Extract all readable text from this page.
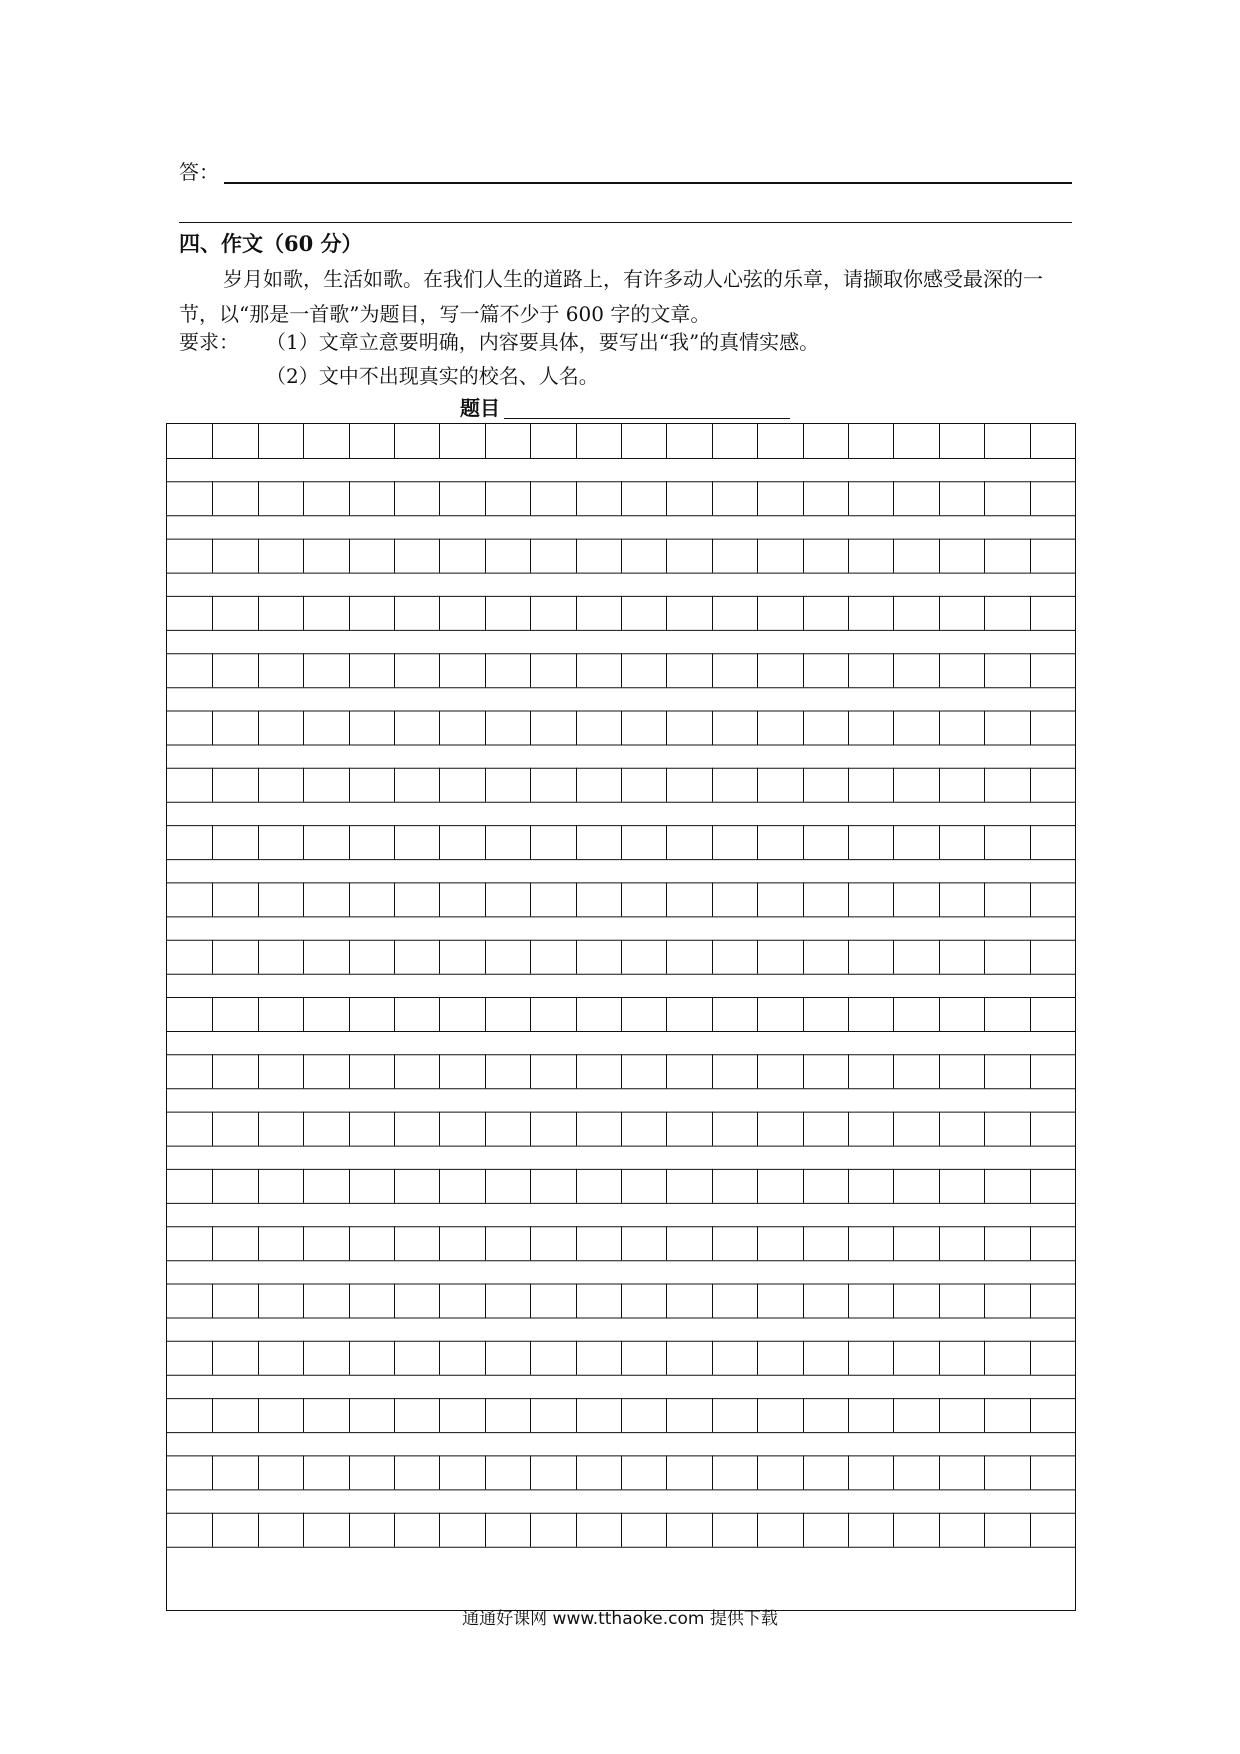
答：
四、作文（60 分）

岁月如歌，生活如歌。在我们人生的道路上，有许多动人心弦的乐章，请撷取你感受最深的一节，以“那是一首歌”为题目，写一篇不少于 600 字的文章。

要求： （1）文章立意要明确，内容要具体，要写出“我”的真情实感。
（2）文中不出现真实的校名、人名。
题目
通通好课网 www.tthaoke.com 提供下载
